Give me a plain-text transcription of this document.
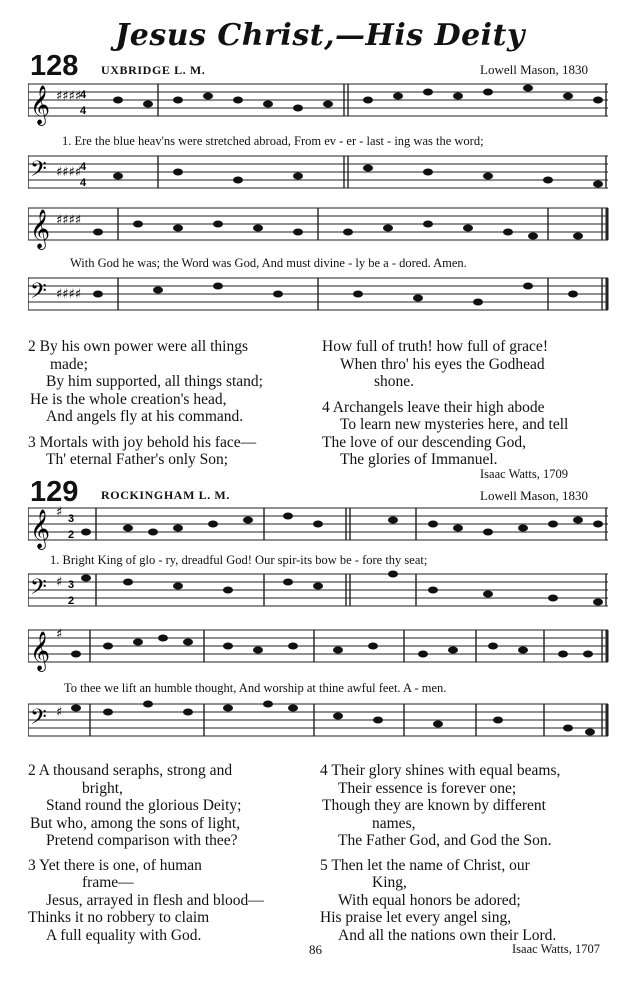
Jesus Christ,—His Deity
128 UXBRIDGE L. M.	Lowell Mason, 1830
𝄞 ♯♯♯♯
4
4
1. Ere the blue heav'ns were stretched abroad, From ev - er - last - ing was the word;
𝄢 ♯♯♯♯
4
4
𝄞 ♯♯♯♯
With God he was; the Word was God, And must divine - ly be a - dored. Amen.
𝄢 ♯♯♯♯
2 By his own power were all things
made;
By him supported, all things stand;
He is the whole creation's head,
And angels fly at his command.
3 Mortals with joy behold his face—
Th' eternal Father's only Son;
How full of truth! how full of grace!
When thro' his eyes the Godhead
shone.
4 Archangels leave their high abode
To learn new mysteries here, and tell
The love of our descending God,
The glories of Immanuel.
Isaac Watts, 1709
129 ROCKINGHAM L. M.	Lowell Mason, 1830
𝄞 ♯ 3
2
1. Bright King of glo - ry, dreadful God! Our spir-its bow be - fore thy seat;
𝄢 ♯ 3
2
𝄞 ♯
To thee we lift an humble thought, And worship at thine awful feet. A - men.
𝄢 ♯
2 A thousand seraphs, strong and
bright,
Stand round the glorious Deity;
But who, among the sons of light,
Pretend comparison with thee?
3 Yet there is one, of human
frame—
Jesus, arrayed in flesh and blood—
Thinks it no robbery to claim
A full equality with God.
4 Their glory shines with equal beams,
Their essence is forever one;
Though they are known by different
names,
The Father God, and God the Son.
5 Then let the name of Christ, our
King,
With equal honors be adored;
His praise let every angel sing,
And all the nations own their Lord.
86	Isaac Watts, 1707
